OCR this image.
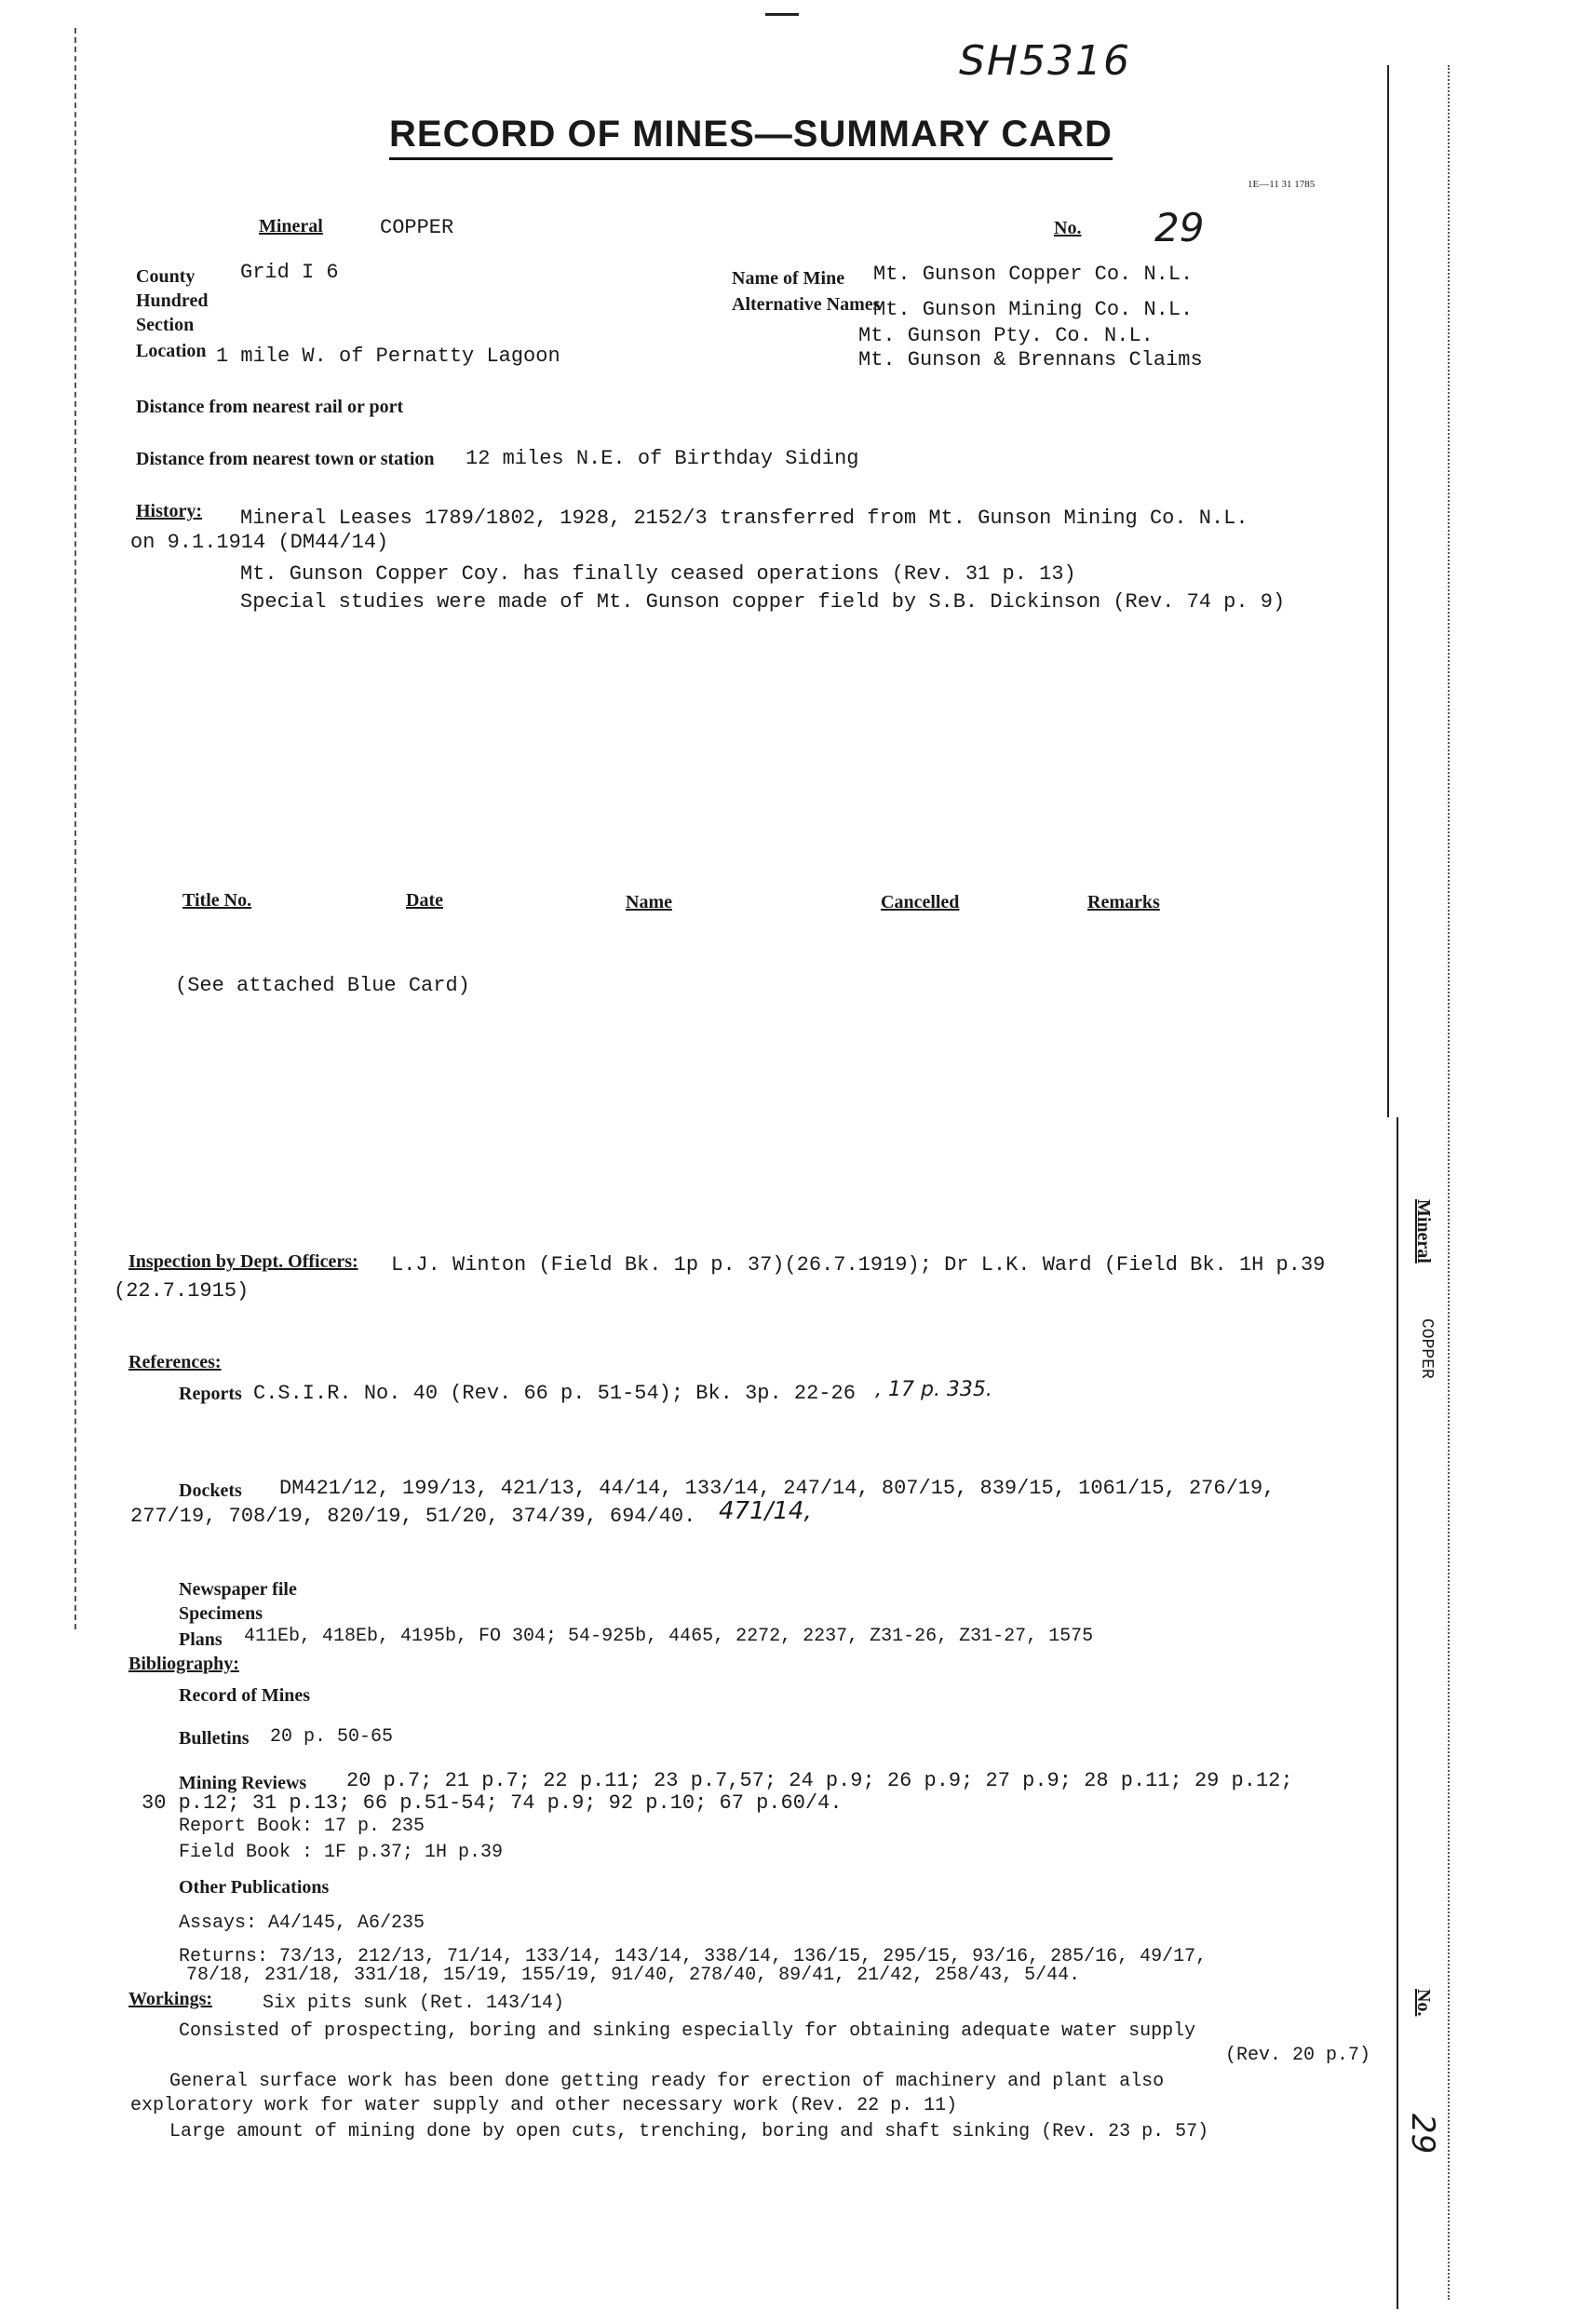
SH5316
RECORD OF MINES—SUMMARY CARD
1E—11 31 1785
Mineral	COPPER	No. 29
County Grid I 6
Hundred
Section
Location 1 mile W. of Pernatty Lagoon
Distance from nearest rail or port
Distance from nearest town or station 12 miles N.E. of Birthday Siding
Name of Mine Mt. Gunson Copper Co. N.L.
Alternative Names
Mt. Gunson Mining Co. N.L.
Mt. Gunson Pty. Co. N.L.
Mt. Gunson & Brennans Claims
History: Mineral Leases 1789/1802, 1928, 2152/3 transferred from Mt. Gunson Mining Co. N.L.
on 9.1.1914 (DM44/14)
Mt. Gunson Copper Coy. has finally ceased operations (Rev. 31 p. 13)
Special studies were made of Mt. Gunson copper field by S.B. Dickinson (Rev. 74 p. 9)
Title No.	Date	Name	Cancelled	Remarks
(See attached Blue Card)
Inspection by Dept. Officers: L.J. Winton (Field Bk. 1p p. 37)(26.7.1919); Dr L.K. Ward (Field Bk. 1H p.39
(22.7.1915)
References:
Reports C.S.I.R. No. 40 (Rev. 66 p. 51-54); Bk. 3p. 22-26 , 17 p. 335.
Dockets DM421/12, 199/13, 421/13, 44/14, 133/14, 247/14, 807/15, 839/15, 1061/15, 276/19,
277/19, 708/19, 820/19, 51/20, 374/39, 694/40. 471/14,
Newspaper file
Specimens
Plans 411Eb, 418Eb, 4195b, FO 304; 54-925b, 4465, 2272, 2237, Z31-26, Z31-27, 1575
Bibliography:
Record of Mines
Bulletins 20 p. 50-65
Mining Reviews 20 p.7; 21 p.7; 22 p.11; 23 p.7,57; 24 p.9; 26 p.9; 27 p.9; 28 p.11; 29 p.12;
30 p.12; 31 p.13; 66 p.51-54; 74 p.9; 92 p.10; 67 p.60/4.
Report Book: 17 p. 235
Field Book : 1F p.37; 1H p.39
Other Publications
Assays: A4/145, A6/235
Returns: 73/13, 212/13, 71/14, 133/14, 143/14, 338/14, 136/15, 295/15, 93/16, 285/16, 49/17,
78/18, 231/18, 331/18, 15/19, 155/19, 91/40, 278/40, 89/41, 21/42, 258/43, 5/44.
Workings:	Six pits sunk (Ret. 143/14)
Consisted of prospecting, boring and sinking especially for obtaining adequate water supply
(Rev. 20 p.7)
General surface work has been done getting ready for erection of machinery and plant also
exploratory work for water supply and other necessary work (Rev. 22 p. 11)
Large amount of mining done by open cuts, trenching, boring and shaft sinking (Rev. 23 p. 57)
Mineral
COPPER
No.
29
